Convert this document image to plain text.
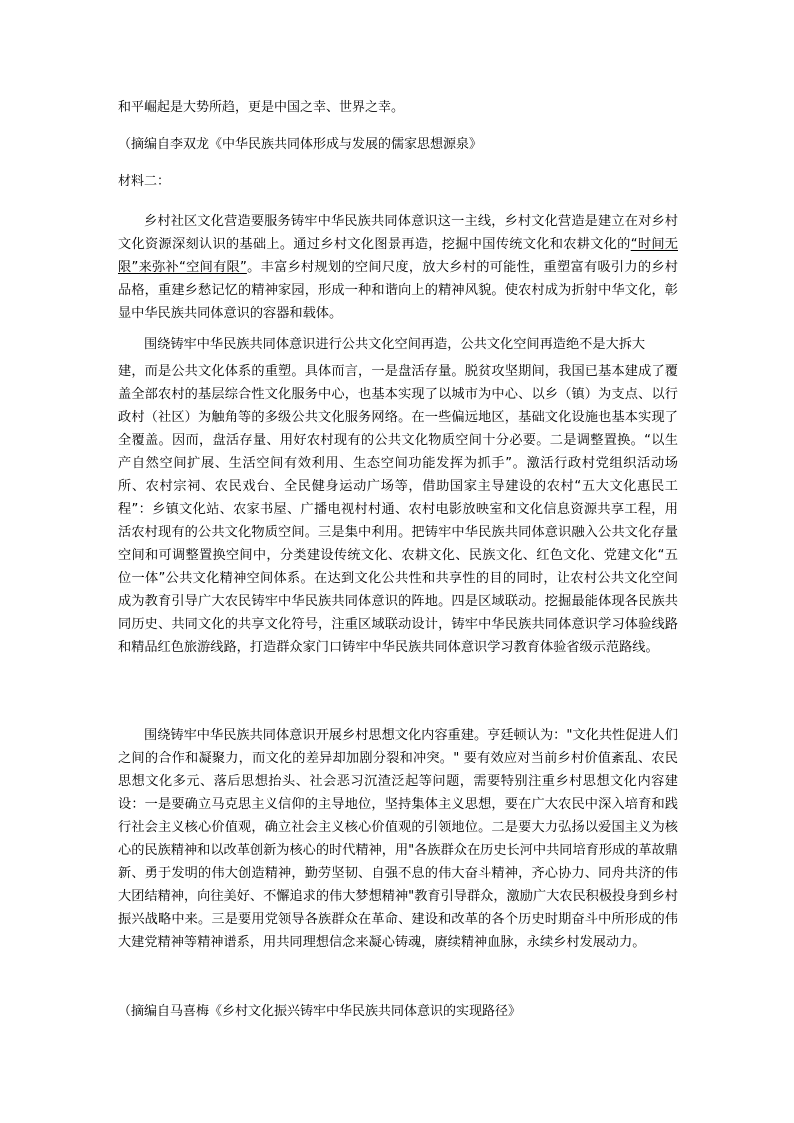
和平崛起是大势所趋，更是中国之幸、世界之幸。

（摘编自李双龙《中华民族共同体形成与发展的儒家思想源泉》

材料二：

乡村社区文化营造要服务铸牢中华民族共同体意识这一主线，乡村文化营造是建立在对乡村文化资源深刻认识的基础上。通过乡村文化图景再造，挖掘中国传统文化和农耕文化的“时间无限”来弥补“空间有限”。丰富乡村规划的空间尺度，放大乡村的可能性，重塑富有吸引力的乡村品格，重建乡愁记忆的精神家园，形成一种和谐向上的精神风貌。使农村成为折射中华文化，彰显中华民族共同体意识的容器和载体。

围绕铸牢中华民族共同体意识进行公共文化空间再造，公共文化空间再造绝不是大拆大

建，而是公共文化体系的重塑。具体而言，一是盘活存量。脱贫攻坚期间，我国已基本建成了覆盖全部农村的基层综合性文化服务中心，也基本实现了以城市为中心、以乡（镇）为支点、以行政村（社区）为触角等的多级公共文化服务网络。在一些偏远地区，基础文化设施也基本实现了全覆盖。因而，盘活存量、用好农村现有的公共文化物质空间十分必要。二是调整置换。“以生产自然空间扩展、生活空间有效利用、生态空间功能发挥为抓手”。激活行政村党组织活动场所、农村宗祠、农民戏台、全民健身运动广场等，借助国家主导建设的农村“五大文化惠民工程”：乡镇文化站、农家书屋、广播电视村村通、农村电影放映室和文化信息资源共享工程，用活农村现有的公共文化物质空间。三是集中利用。把铸牢中华民族共同体意识融入公共文化存量空间和可调整置换空间中，分类建设传统文化、农耕文化、民族文化、红色文化、党建文化“五位一体”公共文化精神空间体系。在达到文化公共性和共享性的目的同时，让农村公共文化空间成为教育引导广大农民铸牢中华民族共同体意识的阵地。四是区域联动。挖掘最能体现各民族共同历史、共同文化的共享文化符号，注重区域联动设计，铸牢中华民族共同体意识学习体验线路和精品红色旅游线路，打造群众家门口铸牢中华民族共同体意识学习教育体验省级示范路线。

围绕铸牢中华民族共同体意识开展乡村思想文化内容重建。亨廷顿认为："文化共性促进人们之间的合作和凝聚力，而文化的差异却加剧分裂和冲突。" 要有效应对当前乡村价值紊乱、农民思想文化多元、落后思想抬头、社会恶习沉渣泛起等问题，需要特别注重乡村思想文化内容建设：一是要确立马克思主义信仰的主导地位，坚持集体主义思想，要在广大农民中深入培育和践行社会主义核心价值观，确立社会主义核心价值观的引领地位。二是要大力弘扬以爱国主义为核心的民族精神和以改革创新为核心的时代精神，用"各族群众在历史长河中共同培育形成的革故鼎新、勇于发明的伟大创造精神，勤劳坚韧、自强不息的伟大奋斗精神，齐心协力、同舟共济的伟大团结精神，向往美好、不懈追求的伟大梦想精神"教育引导群众，激励广大农民积极投身到乡村振兴战略中来。三是要用党领导各族群众在革命、建设和改革的各个历史时期奋斗中所形成的伟大建党精神等精神谱系，用共同理想信念来凝心铸魂，赓续精神血脉，永续乡村发展动力。

（摘编自马喜梅《乡村文化振兴铸牢中华民族共同体意识的实现路径》
